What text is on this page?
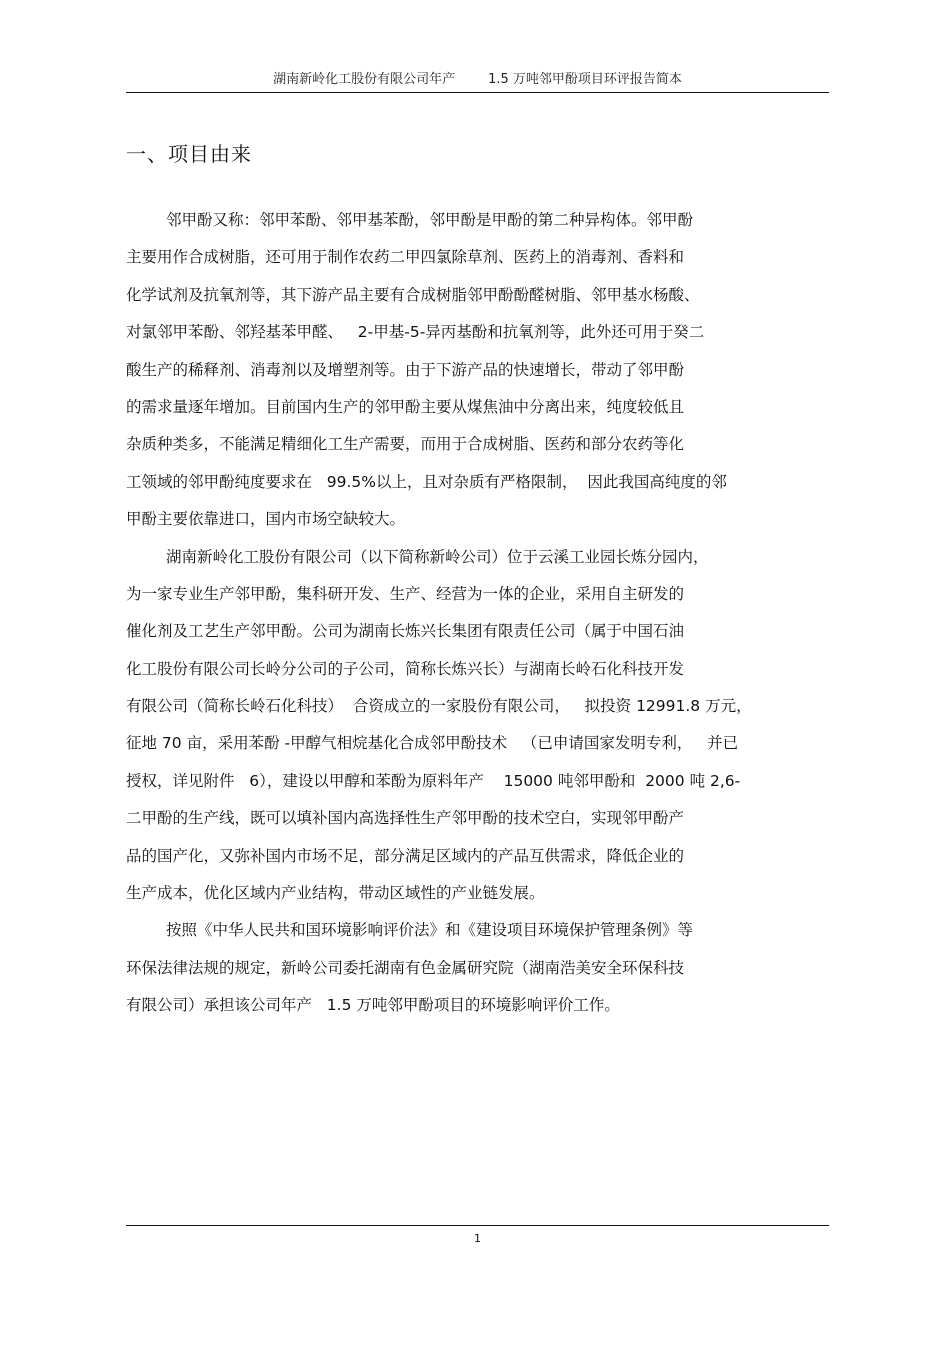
湖南新岭化工股份有限公司年产        1.5 万吨邻甲酚项目环评报告简本
一、项目由来
邻甲酚又称：邻甲苯酚、邻甲基苯酚，邻甲酚是甲酚的第二种异构体。邻甲酚
主要用作合成树脂，还可用于制作农药二甲四氯除草剂、医药上的消毒剂、香料和
化学试剂及抗氧剂等，其下游产品主要有合成树脂邻甲酚酚醛树脂、邻甲基水杨酸、
对氯邻甲苯酚、邻羟基苯甲醛、   2-甲基-5-异丙基酚和抗氧剂等，此外还可用于癸二
酸生产的稀释剂、消毒剂以及增塑剂等。由于下游产品的快速增长，带动了邻甲酚
的需求量逐年增加。目前国内生产的邻甲酚主要从煤焦油中分离出来，纯度较低且
杂质种类多，不能满足精细化工生产需要，而用于合成树脂、医药和部分农药等化
工领域的邻甲酚纯度要求在   99.5%以上，且对杂质有严格限制，  因此我国高纯度的邻
甲酚主要依靠进口，国内市场空缺较大。
湖南新岭化工股份有限公司（以下简称新岭公司）位于云溪工业园长炼分园内，
为一家专业生产邻甲酚，集科研开发、生产、经营为一体的企业，采用自主研发的
催化剂及工艺生产邻甲酚。公司为湖南长炼兴长集团有限责任公司（属于中国石油
化工股份有限公司长岭分公司的子公司，简称长炼兴长）与湖南长岭石化科技开发
有限公司（简称长岭石化科技）  合资成立的一家股份有限公司，   拟投资 12991.8 万元，
征地 70 亩，采用苯酚 -甲醇气相烷基化合成邻甲酚技术   （已申请国家发明专利，   并已
授权，详见附件   6），建设以甲醇和苯酚为原料年产    15000 吨邻甲酚和  2000 吨 2,6-
二甲酚的生产线，既可以填补国内高选择性生产邻甲酚的技术空白，实现邻甲酚产
品的国产化，又弥补国内市场不足，部分满足区域内的产品互供需求，降低企业的
生产成本，优化区域内产业结构，带动区域性的产业链发展。
按照《中华人民共和国环境影响评价法》和《建设项目环境保护管理条例》等
环保法律法规的规定，新岭公司委托湖南有色金属研究院（湖南浩美安全环保科技
有限公司）承担该公司年产   1.5 万吨邻甲酚项目的环境影响评价工作。
1
